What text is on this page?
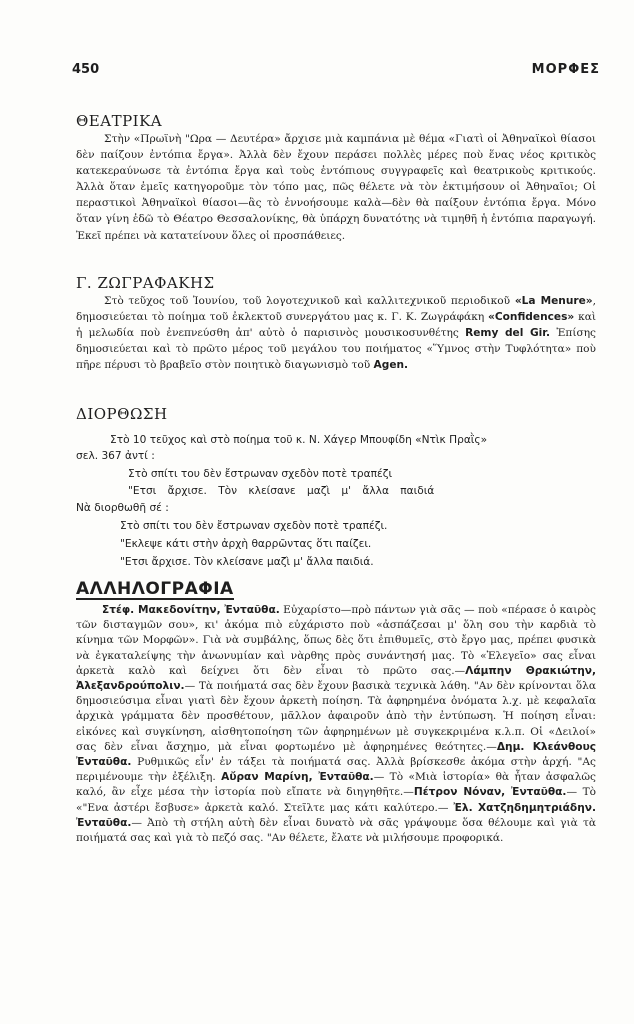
450	ΜΟΡΦΕΣ
ΘΕΑΤΡΙΚΑ
Στὴν «Πρωϊνὴ "Ωρα — Δευτέρα» ἄρχισε μιὰ καμπάνια μὲ θέμα «Γιατὶ οἱ Ἀθηναϊκοὶ θίασοι δὲν παίζουν ἐντόπια ἔργα». Ἀλλὰ δὲν ἔχουν περάσει πολλὲς μέρες ποὺ ἕνας νέος κριτικὸς κατεκεραύνωσε τὰ ἐντόπια ἔργα καὶ τοὺς ἐντόπιους συγγραφεῖς καὶ θεατρικοὺς κριτικούς. Ἀλλὰ ὅταν ἐμεῖς κατηγοροῦμε τὸν τόπο μας, πῶς θέλετε νὰ τὸν ἐκτιμήσουν οἱ Ἀθηναῖοι; Οἱ περαστικοὶ Ἀθηναϊκοὶ θίασοι—ἂς τὸ ἐννοήσουμε καλὰ—δὲν θὰ παίξουν ἐντόπια ἔργα. Μόνο ὅταν γίνη ἐδῶ τὸ Θέατρο Θεσσαλονίκης, θὰ ὑπάρχη δυνατότης νὰ τιμηθῆ ἡ ἐντόπια παραγωγή. Ἐκεῖ πρέπει νὰ κατατείνουν ὅλες οἱ προσπάθειες.
Γ. ΖΩΓΡΑΦΑΚΗΣ
Στὸ τεῦχος τοῦ Ἰουνίου, τοῦ λογοτεχνικοῦ καὶ καλλιτεχνικοῦ περιοδικοῦ «La Menure», δημοσιεύεται τὸ ποίημα τοῦ ἐκλεκτοῦ συνεργάτου μας κ. Γ. Κ. Ζωγράφάκη «Confidences» καὶ ἡ μελωδία ποὺ ἐνεπνεύσθη ἀπ' αὐτὸ ὁ παρισινὸς μουσικοσυνθέτης Remy del Gir. Ἐπίσης δημοσιεύεται καὶ τὸ πρῶτο μέρος τοῦ μεγάλου του ποιήματος «Ὕμνος στὴν Τυφλότητα» ποὺ πῆρε πέρυσι τὸ βραβεῖο στὸν ποιητικὸ διαγωνισμὸ τοῦ Agen.
ΔΙΟΡΘΩΣΗ
Στὸ 10 τεῦχος καὶ στὸ ποίημα τοῦ κ. Ν. Χάγερ Μπουφίδη «Ντὶκ Πραῒς»
σελ. 367 ἀντί :
Στὸ σπίτι του δὲν ἔστρωναν σχεδὸν ποτὲ τραπέζι
"Ετσι ἄρχισε. Τὸν κλείσανε μαζὶ μ' ἄλλα παιδιά
Νὰ διορθωθῆ σέ :
Στὸ σπίτι του δὲν ἔστρωναν σχεδὸν ποτὲ τραπέζι.
"Εκλεψε κάτι στὴν ἀρχὴ θαρρῶντας ὅτι παίζει.
"Ετσι ἄρχισε. Τὸν κλείσανε μαζὶ μ' ἄλλα παιδιά.
ΑΛΛΗΛΟΓΡΑΦΙΑ
Στέφ. Μακεδονίτην, Ἐνταῦθα. Εὐχαρίστο—πρὸ πάντων γιὰ σᾶς — ποὺ «πέρασε ὁ καιρὸς τῶν δισταγμῶν σου», κι' ἀκόμα πιὸ εὐχάριστο ποὺ «ἀσπάζεσαι μ' ὅλη σου τὴν καρδιὰ τὸ κίνημα τῶν Μορφῶν». Γιὰ νὰ συμβάλης, ὅπως δὲς ὅτι ἐπιθυμεῖς, στὸ ἔργο μας, πρέπει φυσικὰ νὰ ἐγκαταλείψης τὴν ἀνωνυμίαν καὶ νὰρθης πρὸς συνάντησή μας. Τὸ «Ἐλεγεῖο» σας εἶναι ἀρκετὰ καλὸ καὶ δείχνει ὅτι δὲν εἶναι τὸ πρῶτο σας.—Λάμπην Θρακιώτην, Ἀλεξανδρούπολιν.— Τὰ ποιήματά σας δὲν ἔχουν βασικὰ τεχνικὰ λάθη. "Αν δὲν κρίνονται ὅλα δημοσιεύσιμα εἶναι γιατὶ δὲν ἔχουν ἀρκετὴ ποίηση. Τὰ ἀφηρημένα ὀνόματα λ.χ. μὲ κεφαλαῖα ἀρχικὰ γράμματα δὲν προσθέτουν, μᾶλλον ἀφαιροῦν ἀπὸ τὴν ἐντύπωση. Ἡ ποίηση εἶναι: εἰκόνες καὶ συγκίνηση, αἰσθητοποίηση τῶν ἀφηρημένων μὲ συγκεκριμένα κ.λ.π. Οἱ «Δειλοί» σας δὲν εἶναι ἄσχημο, μὰ εἶναι φορτωμένο μὲ ἀφηρημένες θεότητες.—Δημ. Κλεάνθους Ἐνταῦθα. Ρυθμικῶς εἶν' ἐν τάξει τὰ ποιήματά σας. Ἀλλὰ βρίσκεσθε ἀκόμα στὴν ἀρχή. "Ας περιμένουμε τὴν ἐξέλιξη. Αὔραν Μαρίνη, Ἐνταῦθα.— Τὸ «Μιὰ ἱστορία» θὰ ἦταν ἀσφαλῶς καλό, ἂν εἶχε μέσα τὴν ἱστορία ποὺ εἴπατε νὰ διηγηθῆτε.—Πέτρον Νόναν, Ἐνταῦθα.— Τὸ «"Ενα ἀστέρι ἔσβυσε» ἀρκετὰ καλό. Στεῖλτε μας κάτι καλύτερο.— Ἐλ. Χατζηδημητριάδην. Ἐνταῦθα.— Ἀπὸ τὴ στήλη αὐτὴ δὲν εἶναι δυνατὸ νὰ σᾶς γράψουμε ὅσα θέλουμε καὶ γιὰ τὰ ποιήματά σας καὶ γιὰ τὸ πεζό σας. "Αν θέλετε, ἔλατε νὰ μιλήσουμε προφορικά.
